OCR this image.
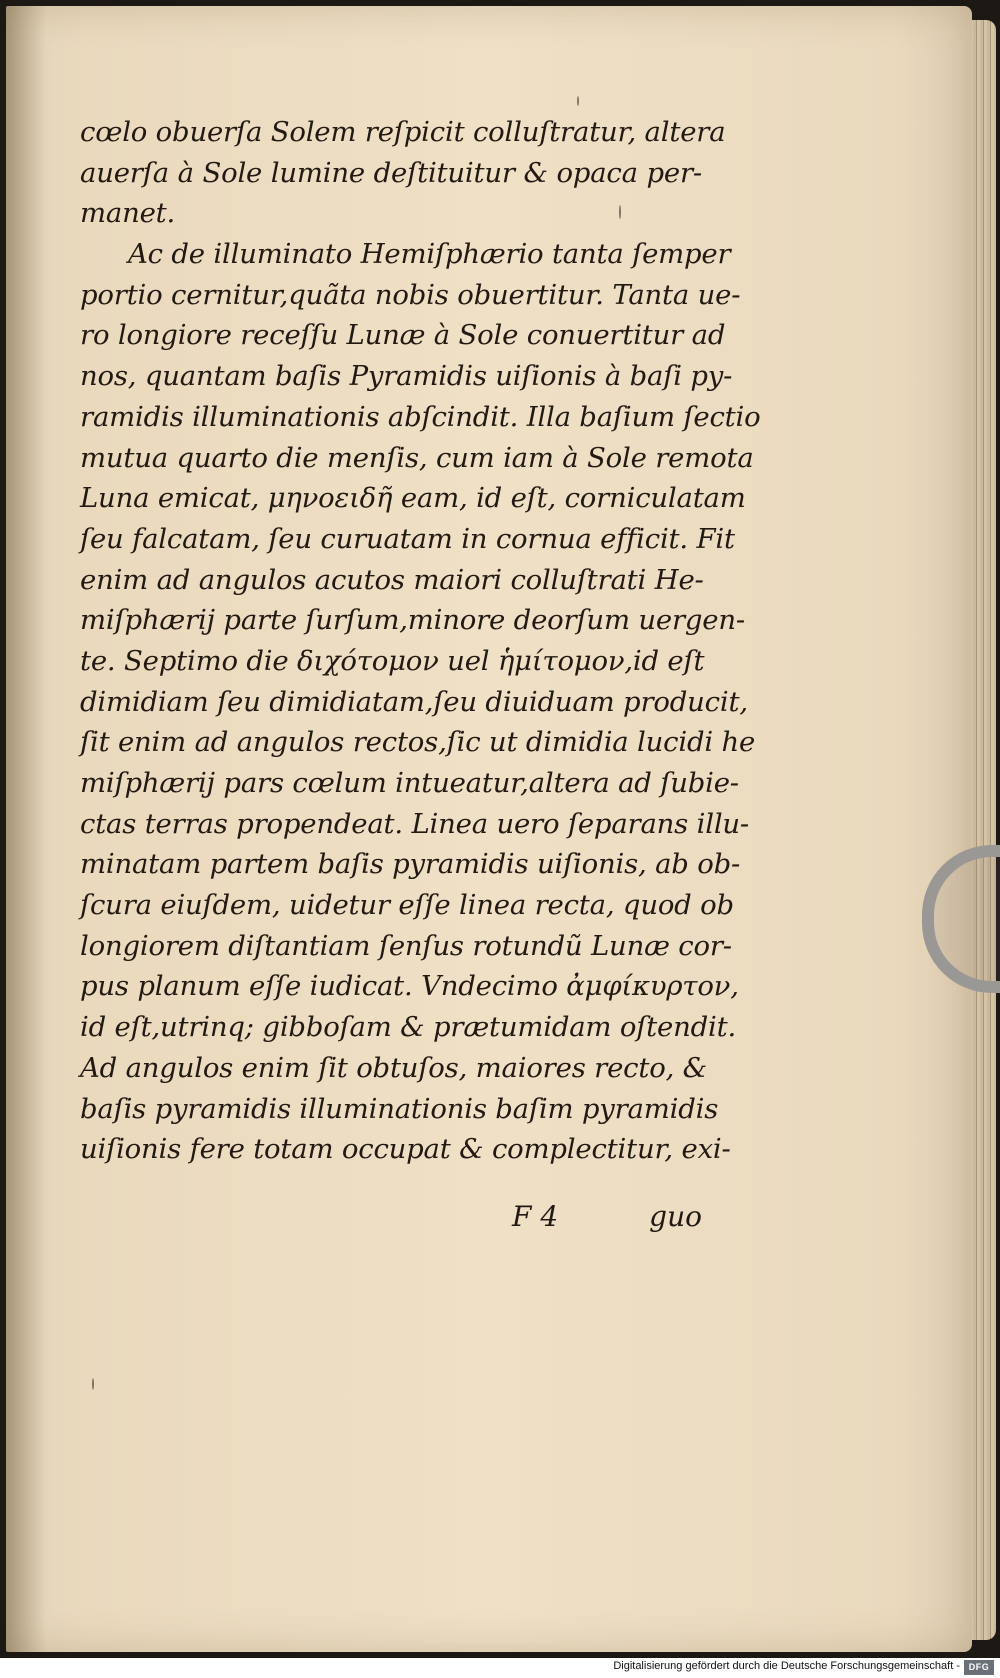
cœlo obuerſa Solem reſpicit colluſtratur, altera
auerſa à Sole lumine deſtituitur & opaca per-
manet.
Ac de illuminato Hemiſphærio tanta ſemper
portio cernitur,quãta nobis obuertitur. Tanta ue-
ro longiore receſſu Lunæ à Sole conuertitur ad
nos, quantam baſis Pyramidis uiſionis à baſi py-
ramidis illuminationis abſcindit. Illa baſium ſectio
mutua quarto die menſis, cum iam à Sole remota
Luna emicat, μηνοειδῆ eam, id eſt, corniculatam
ſeu falcatam, ſeu curuatam in cornua efficit. Fit
enim ad angulos acutos maiori colluſtrati He-
miſphærij parte ſurſum,minore deorſum uergen-
te. Septimo die διχότομον uel ἡμίτομον,id eſt
dimidiam ſeu dimidiatam,ſeu diuiduam producit,
ſit enim ad angulos rectos,ſic ut dimidia lucidi he
miſphærij pars cœlum intueatur,altera ad ſubie-
ctas terras propendeat. Linea uero ſeparans illu-
minatam partem baſis pyramidis uiſionis, ab ob-
ſcura eiuſdem, uidetur eſſe linea recta, quod ob
longiorem diſtantiam ſenſus rotundũ Lunæ cor-
pus planum eſſe iudicat. Vndecimo ἀμφίκυρτον,
id eſt,utrinq; gibboſam & prætumidam oſtendit.
Ad angulos enim ſit obtuſos, maiores recto, &
baſis pyramidis illuminationis baſim pyramidis
uiſionis fere totam occupat & complectitur, exi-
F 4	guo
Digitalisierung gefördert durch die Deutsche Forschungsgemeinschaft - DFG
